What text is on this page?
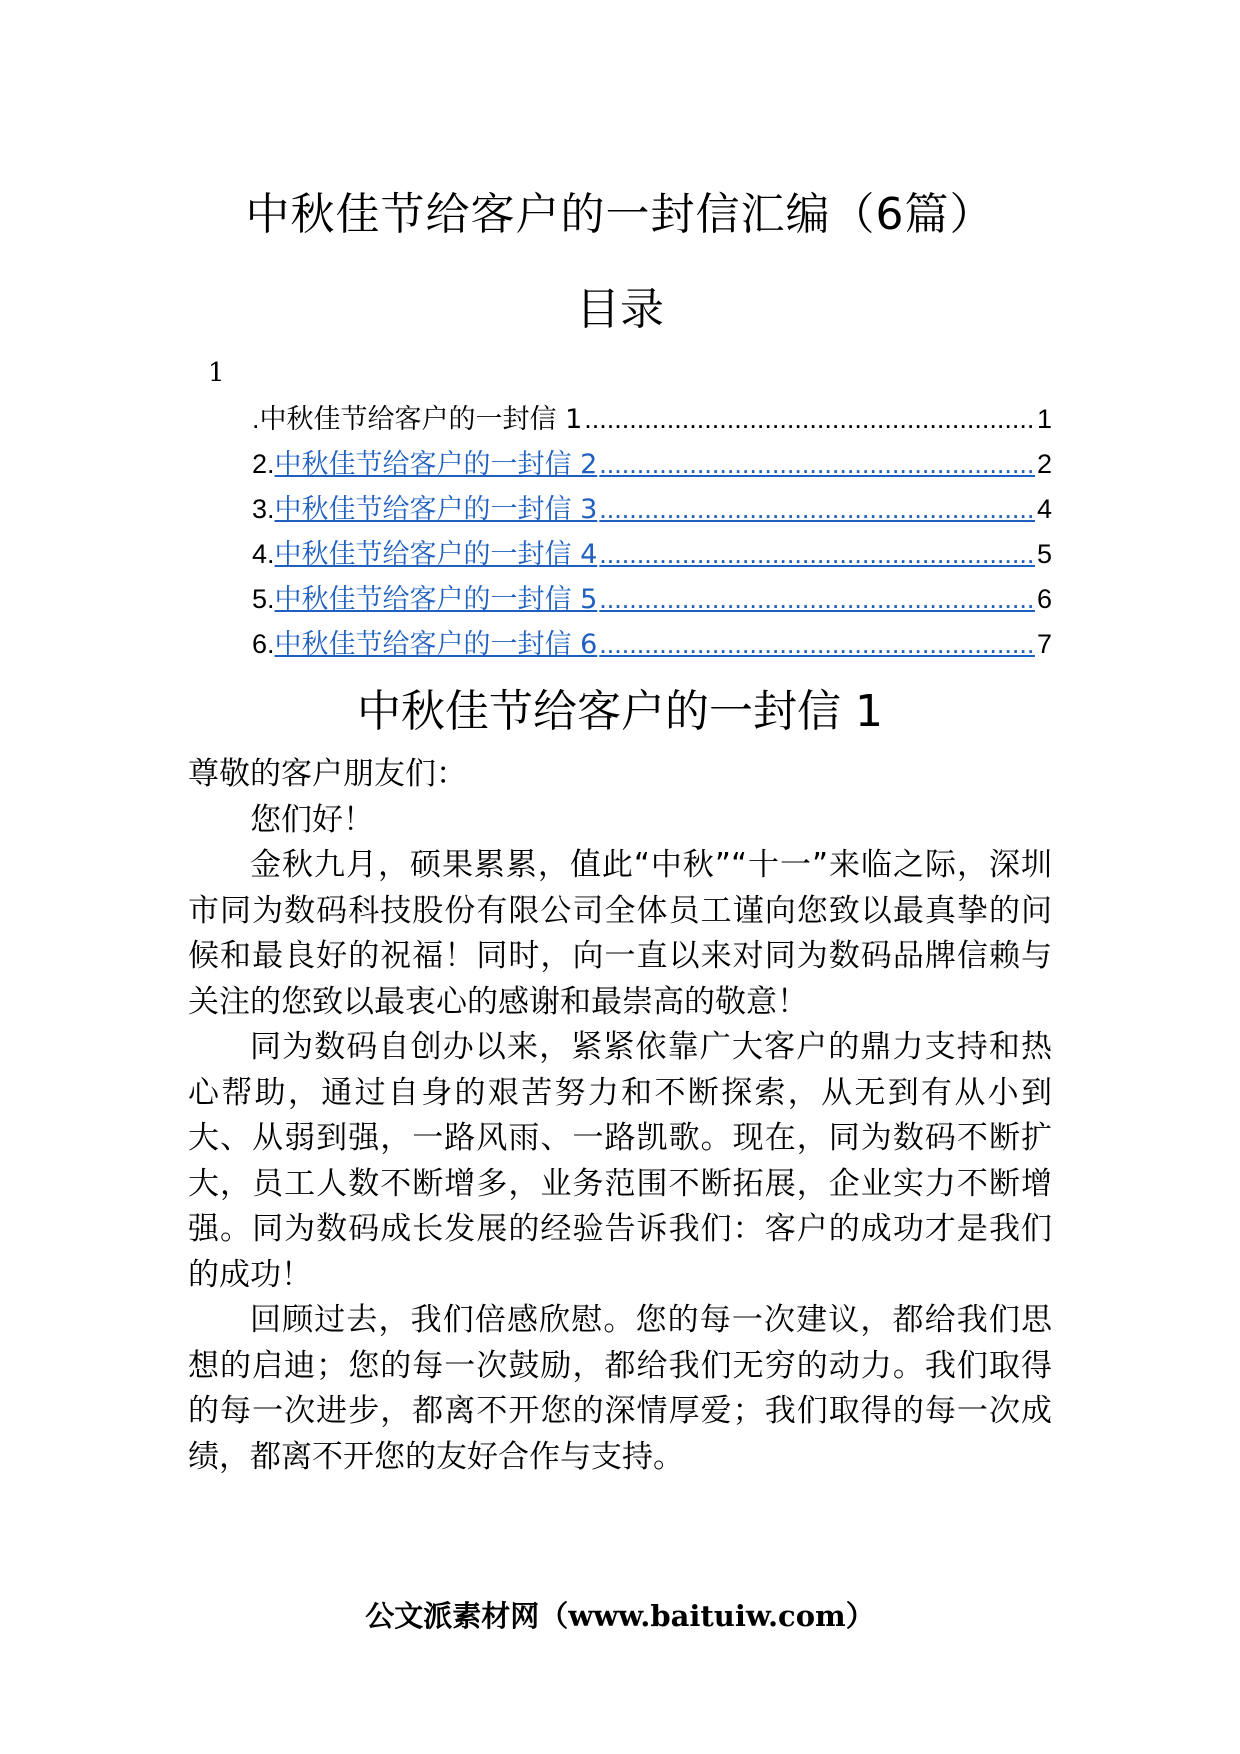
中秋佳节给客户的一封信汇编（6篇）
目录
1
. 中秋佳节给客户的一封信 1 .....	1
2. 中秋佳节给客户的一封信 2 .....	2
3. 中秋佳节给客户的一封信 3 .....	4
4. 中秋佳节给客户的一封信 4 .....	5
5. 中秋佳节给客户的一封信 5 .....	6
6. 中秋佳节给客户的一封信 6 .....	7
中秋佳节给客户的一封信 1

尊敬的客户朋友们：

您们好！

金秋九月，硕果累累，值此“中秋”“十一”来临之际，深圳市同为数码科技股份有限公司全体员工谨向您致以最真挚的问候和最良好的祝福！同时，向一直以来对同为数码品牌信赖与关注的您致以最衷心的感谢和最崇高的敬意！

同为数码自创办以来，紧紧依靠广大客户的鼎力支持和热心帮助，通过自身的艰苦努力和不断探索，从无到有从小到大、从弱到强，一路风雨、一路凯歌。现在，同为数码不断扩大，员工人数不断增多，业务范围不断拓展，企业实力不断增强。同为数码成长发展的经验告诉我们：客户的成功才是我们的成功！

回顾过去，我们倍感欣慰。您的每一次建议，都给我们思想的启迪；您的每一次鼓励，都给我们无穷的动力。我们取得的每一次进步，都离不开您的深情厚爱；我们取得的每一次成绩，都离不开您的友好合作与支持。

公文派素材网（www.baituiw.com）
